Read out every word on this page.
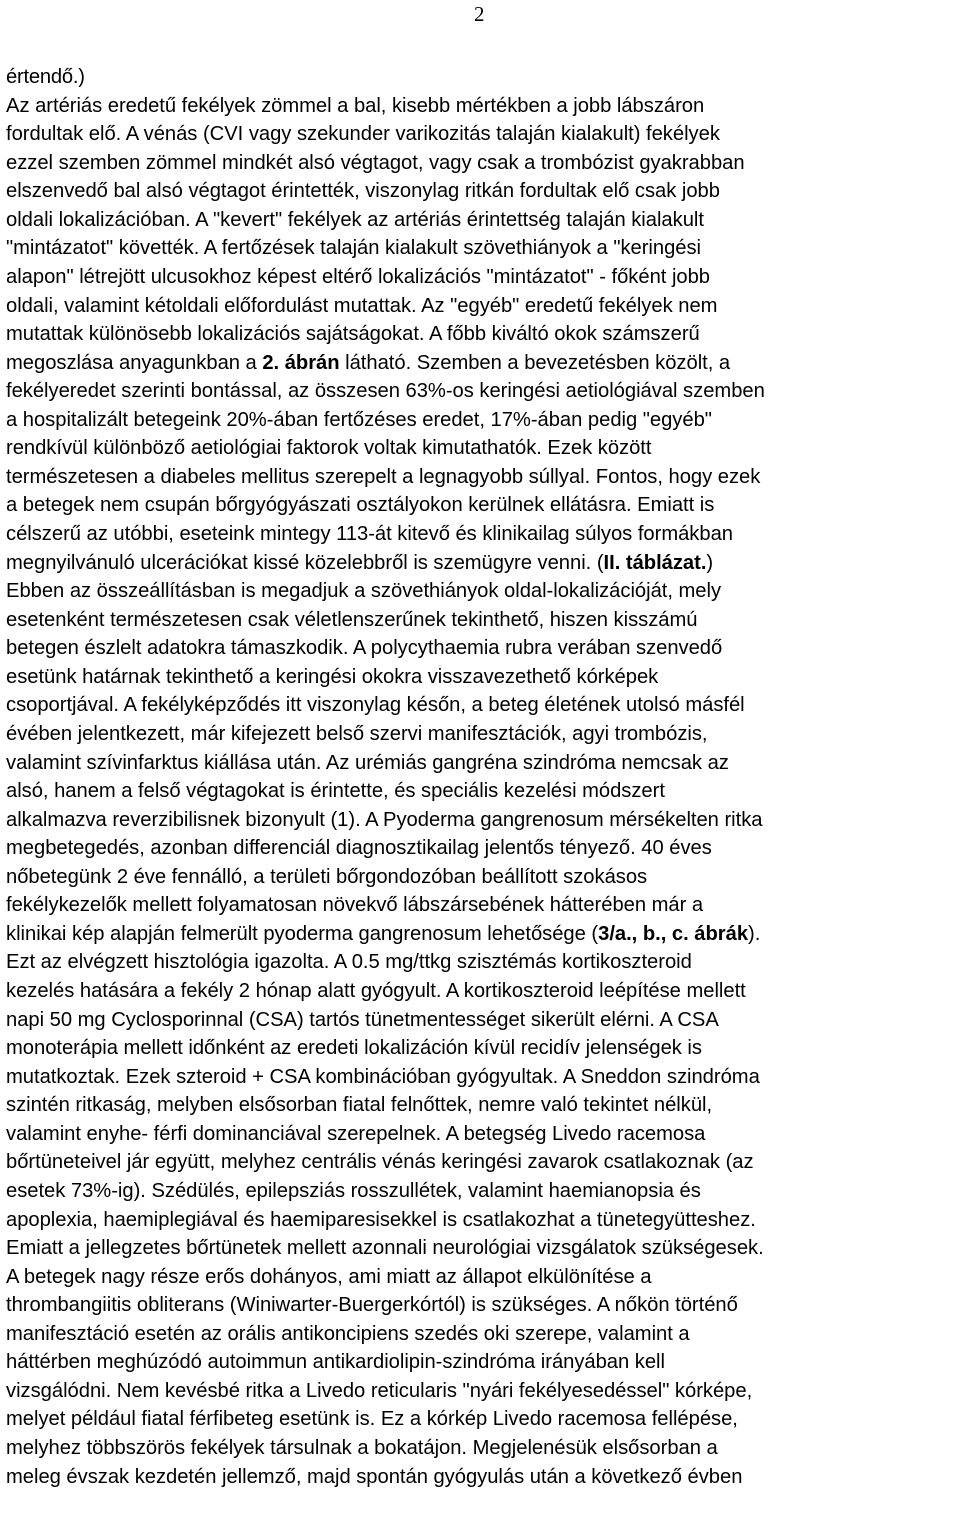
2
értendő.)
Az artériás eredetű fekélyek zömmel a bal, kisebb mértékben a jobb lábszáron
fordultak elő. A vénás (CVI vagy szekunder varikozitás talaján kialakult) fekélyek
ezzel szemben zömmel mindkét alsó végtagot, vagy csak a trombózist gyakrabban
elszenvedő bal alsó végtagot érintették, viszonylag ritkán fordultak elő csak jobb
oldali lokalizációban. A "kevert" fekélyek az artériás érintettség talaján kialakult
"mintázatot" követték. A fertőzések talaján kialakult szövethiányok a "keringési
alapon" létrejött ulcusokhoz képest eltérő lokalizációs "mintázatot" - főként jobb
oldali, valamint kétoldali előfordulást mutattak. Az "egyéb" eredetű fekélyek nem
mutattak különösebb lokalizációs sajátságokat. A főbb kiváltó okok számszerű
megoszlása anyagunkban a 2. ábrán látható. Szemben a bevezetésben közölt, a
fekélyeredet szerinti bontással, az összesen 63%-os keringési aetiológiával szemben
a hospitalizált betegeink 20%-ában fertőzéses eredet, 17%-ában pedig "egyéb"
rendkívül különböző aetiológiai faktorok voltak kimutathatók. Ezek között
természetesen a diabeles mellitus szerepelt a legnagyobb súllyal. Fontos, hogy ezek
a betegek nem csupán bőrgyógyászati osztályokon kerülnek ellátásra. Emiatt is
célszerű az utóbbi, eseteink mintegy 113-át kitevő és klinikailag súlyos formákban
megnyilvánuló ulcerációkat kissé közelebbről is szemügyre venni. (II. táblázat.)
Ebben az összeállításban is megadjuk a szövethiányok oldal-lokalizációját, mely
esetenként természetesen csak véletlenszerűnek tekinthető, hiszen kisszámú
betegen észlelt adatokra támaszkodik. A polycythaemia rubra verában szenvedő
esetünk határnak tekinthető a keringési okokra visszavezethető kórképek
csoportjával. A fekélyképződés itt viszonylag későn, a beteg életének utolsó másfél
évében jelentkezett, már kifejezett belső szervi manifesztációk, agyi trombózis,
valamint szívinfarktus kiállása után. Az urémiás gangréna szindróma nemcsak az
alsó, hanem a felső végtagokat is érintette, és speciális kezelési módszert
alkalmazva reverzibilisnek bizonyult (1). A Pyoderma gangrenosum mérsékelten ritka
megbetegedés, azonban differenciál diagnosztikailag jelentős tényező. 40 éves
nőbetegünk 2 éve fennálló, a területi bőrgondozóban beállított szokásos
fekélykezelők mellett folyamatosan növekvő lábszársebének hátterében már a
klinikai kép alapján felmerült pyoderma gangrenosum lehetősége (3/a., b., c. ábrák).
Ezt az elvégzett hisztológia igazolta. A 0.5 mg/ttkg szisztémás kortikoszteroid
kezelés hatására a fekély 2 hónap alatt gyógyult. A kortikoszteroid leépítése mellett
napi 50 mg Cyclosporinnal (CSA) tartós tünetmentességet sikerült elérni. A CSA
monoterápia mellett időnként az eredeti lokalizáción kívül recidív jelenségek is
mutatkoztak. Ezek szteroid + CSA kombinációban gyógyultak. A Sneddon szindróma
szintén ritkaság, melyben elsősorban fiatal felnőttek, nemre való tekintet nélkül,
valamint enyhe- férfi dominanciával szerepelnek. A betegség Livedo racemosa
bőrtüneteivel jár együtt, melyhez centrális vénás keringési zavarok csatlakoznak (az
esetek 73%-ig). Szédülés, epilepsziás rosszullétek, valamint haemianopsia és
apoplexia, haemiplegiával és haemiparesisekkel is csatlakozhat a tünetegyütteshez.
Emiatt a jellegzetes bőrtünetek mellett azonnali neurológiai vizsgálatok szükségesek.
A betegek nagy része erős dohányos, ami miatt az állapot elkülönítése a
thrombangiitis obliterans (Winiwarter-Buergerkórtól) is szükséges. A nőkön történő
manifesztáció esetén az orális antikoncipiens szedés oki szerepe, valamint a
háttérben meghúzódó autoimmun antikardiolipin-szindróma irányában kell
vizsgálódni. Nem kevésbé ritka a Livedo reticularis "nyári fekélyesedéssel" kórképe,
melyet például fiatal férfibeteg esetünk is. Ez a kórkép Livedo racemosa fellépése,
melyhez többszörös fekélyek társulnak a bokatájon. Megjelenésük elsősorban a
meleg évszak kezdetén jellemző, majd spontán gyógyulás után a következő évben
